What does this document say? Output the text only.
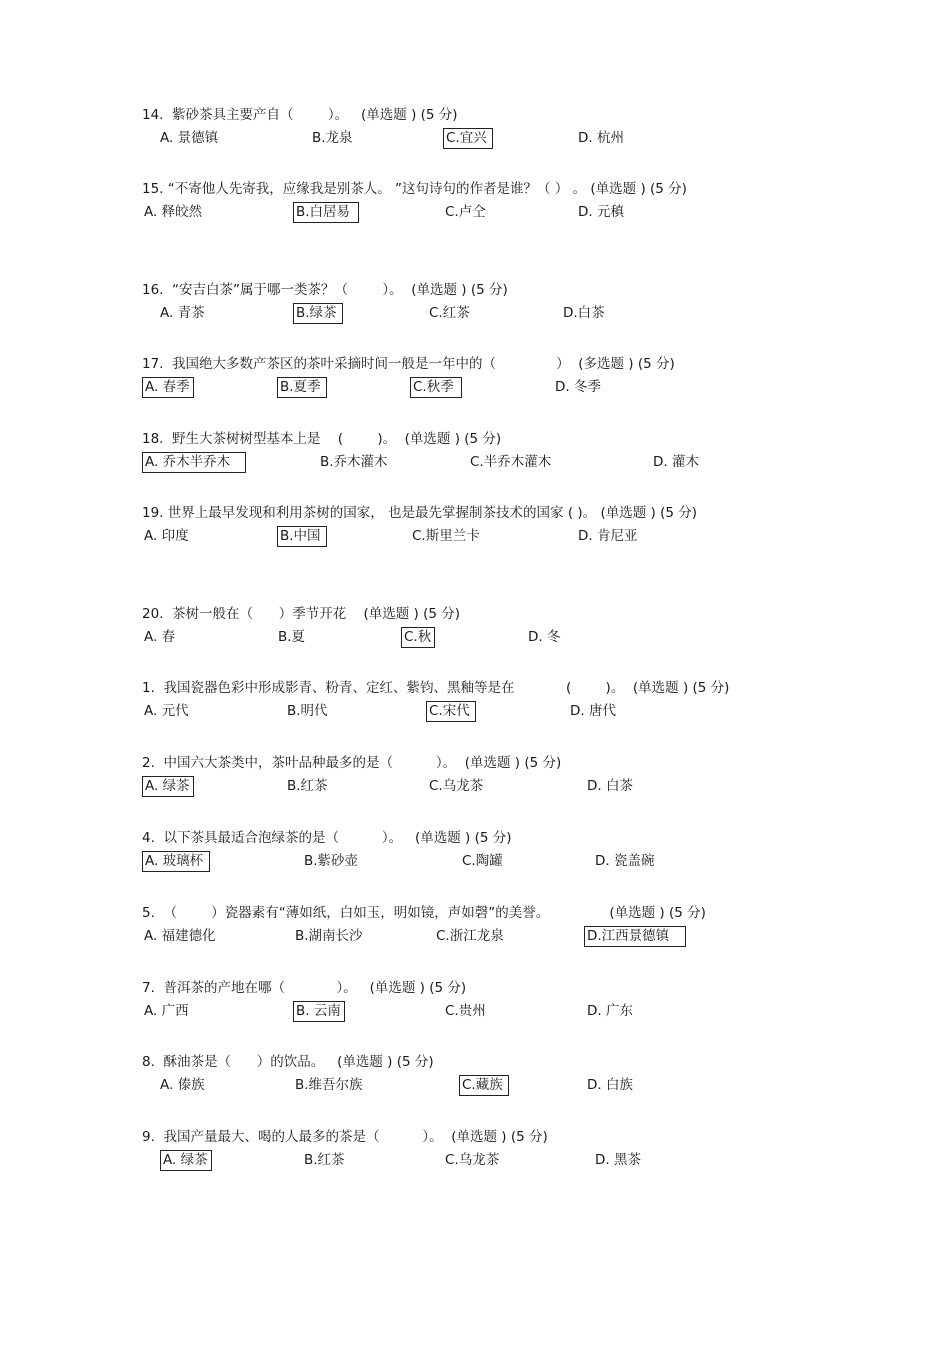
14.  紫砂茶具主要产自（        ）。   (单选题 ) (5 分)
A. 景德镇	B.龙泉	C.宜兴	D. 杭州
15. “不寄他人先寄我，应缘我是别茶人。 ”这句诗句的作者是谁？（ ） 。 (单选题 ) (5 分)
A. 释皎然	B.白居易	C.卢仝	D. 元稹
16.  “安吉白茶”属于哪一类茶？（        ）。  (单选题 ) (5 分)
A. 青茶	B.绿茶	C.红茶	D.白茶
17.  我国绝大多数产茶区的茶叶采摘时间一般是一年中的（              ）  (多选题 ) (5 分)
A. 春季	B.夏季	C.秋季	D. 冬季
18.  野生大茶树树型基本上是    (        )。  (单选题 ) (5 分)
A. 乔木半乔木	B.乔木灌木	C.半乔木灌木	D. 灌木
19. 世界上最早发现和利用茶树的国家， 也是最先掌握制茶技术的国家 ( )。 (单选题 ) (5 分)
A. 印度	B.中国	C.斯里兰卡	D. 肯尼亚
20.  茶树一般在（      ）季节开花    (单选题 ) (5 分)
A. 春	B.夏	C.秋	D. 冬
1.  我国瓷器色彩中形成影青、粉青、定红、紫钧、黑釉等是在            (        )。  (单选题 ) (5 分)
A. 元代	B.明代	C.宋代	D. 唐代
2.  中国六大茶类中，茶叶品种最多的是（          ）。  (单选题 ) (5 分)
A. 绿茶	B.红茶	C.乌龙茶	D. 白茶
4.  以下茶具最适合泡绿茶的是（          ）。   (单选题 ) (5 分)
A. 玻璃杯	B.紫砂壶	C.陶罐	D. 瓷盖碗
5.  （        ）瓷器素有“薄如纸，白如玉，明如镜，声如磬”的美誉。              (单选题 ) (5 分)
A. 福建德化	B.湖南长沙	C.浙江龙泉	D.江西景德镇
7.  普洱茶的产地在哪（            ）。   (单选题 ) (5 分)
A. 广西	B. 云南	C.贵州	D. 广东
8.  酥油茶是（      ）的饮品。   (单选题 ) (5 分)
A. 傣族	B.维吾尔族	C.藏族	D. 白族
9.  我国产量最大、喝的人最多的茶是（          ）。  (单选题 ) (5 分)
A. 绿茶	B.红茶	C.乌龙茶	D. 黑茶
